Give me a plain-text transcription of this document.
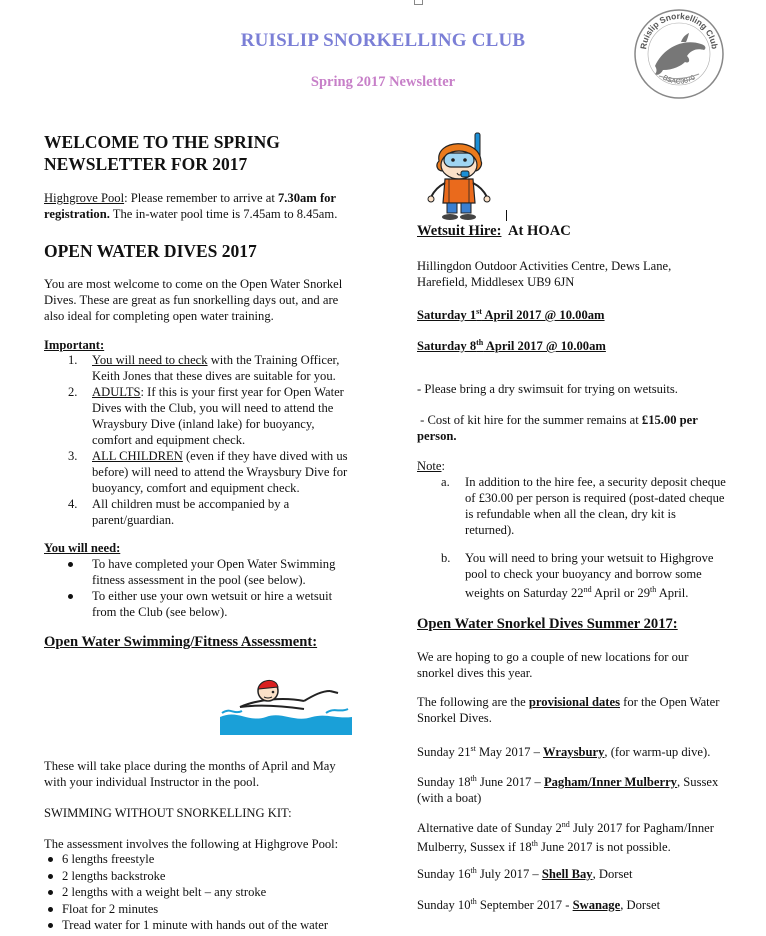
RUISLIP SNORKELLING CLUB
Spring 2017 Newsletter
Ruislip Snorkelling Club
BSAC3070
WELCOME TO THE SPRING
NEWSLETTER FOR 2017
Highgrove Pool: Please remember to arrive at 7.30am for
registration. The in-water pool time is 7.45am to 8.45am.
OPEN WATER DIVES 2017
You are most welcome to come on the Open Water Snorkel
Dives. These are great as fun snorkelling days out, and are
also ideal for completing open water training.
Important:
1.	You will need to check with the Training Officer,
Keith Jones that these dives are suitable for you.
2.	ADULTS: If this is your first year for Open Water
Dives with the Club, you will need to attend the
Wraysbury Dive (inland lake) for buoyancy,
comfort and equipment check.
3.	ALL CHILDREN (even if they have dived with us
before) will need to attend the Wraysbury Dive for
buoyancy, comfort and equipment check.
4.	All children must be accompanied by a
parent/guardian.
You will need:
To have completed your Open Water Swimming
fitness assessment in the pool (see below).
To either use your own wetsuit or hire a wetsuit
from the Club (see below).
Open Water Swimming/Fitness Assessment:
These will take place during the months of April and May
with your individual Instructor in the pool.
SWIMMING WITHOUT SNORKELLING KIT:
The assessment involves the following at Highgrove Pool:
6 lengths freestyle
2 lengths backstroke
2 lengths with a weight belt – any stroke
Float for 2 minutes
Tread water for 1 minute with hands out of the water
Wetsuit Hire:  At HOAC
Hillingdon Outdoor Activities Centre, Dews Lane,
Harefield, Middlesex UB9 6JN
Saturday 1st April 2017 @ 10.00am
Saturday 8th April 2017 @ 10.00am
- Please bring a dry swimsuit for trying on wetsuits.
- Cost of kit hire for the summer remains at £15.00 per
person.
Note:
a. In addition to the hire fee, a security deposit cheque
of £30.00 per person is required (post-dated cheque
is refundable when all the clean, dry kit is
returned).
b. You will need to bring your wetsuit to Highgrove
pool to check your buoyancy and borrow some
weights on Saturday 22nd April or 29th April.
Open Water Snorkel Dives Summer 2017:
We are hoping to go a couple of new locations for our
snorkel dives this year.
The following are the provisional dates for the Open Water
Snorkel Dives.
Sunday 21st May 2017 – Wraysbury, (for warm-up dive).
Sunday 18th June 2017 – Pagham/Inner Mulberry, Sussex
(with a boat)
Alternative date of Sunday 2nd July 2017 for Pagham/Inner
Mulberry, Sussex if 18th June 2017 is not possible.
Sunday 16th July 2017 – Shell Bay, Dorset
Sunday 10th September 2017 - Swanage, Dorset
